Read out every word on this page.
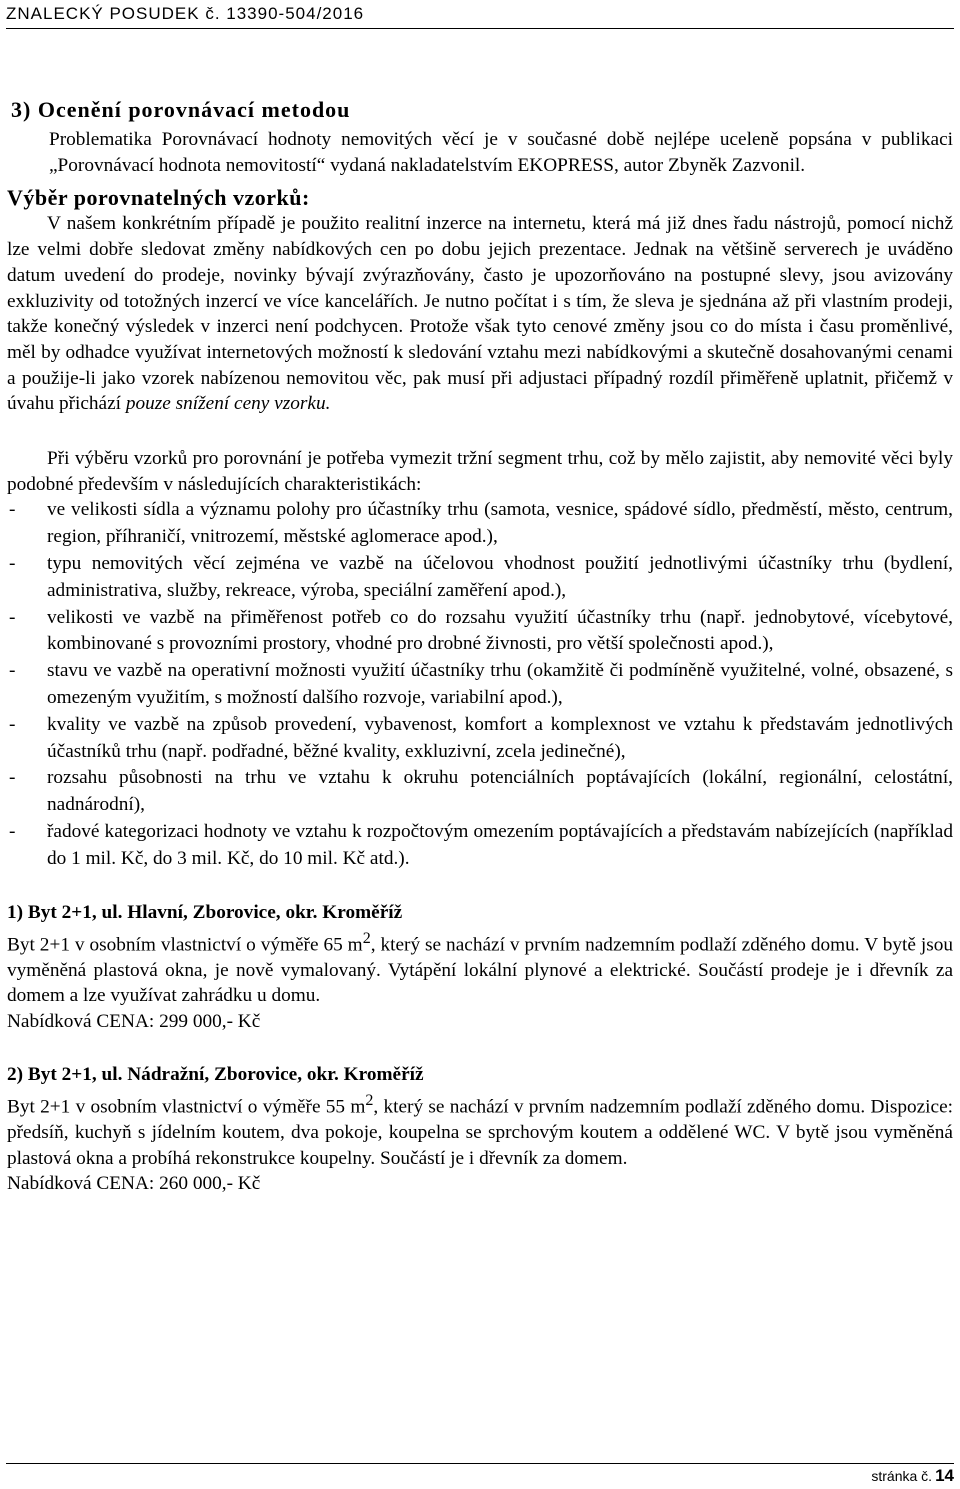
ZNALECKÝ POSUDEK č. 13390-504/2016
3) Ocenění porovnávací metodou

Problematika Porovnávací hodnoty nemovitých věcí je v současné době nejlépe uceleně popsána v publikaci „Porovnávací hodnota nemovitostí“ vydaná nakladatelstvím EKOPRESS, autor Zbyněk Zazvonil.

Výběr porovnatelných vzorků:

V našem konkrétním případě je použito realitní inzerce na internetu, která má již dnes řadu nástrojů, pomocí nichž lze velmi dobře sledovat změny nabídkových cen po dobu jejich prezentace. Jednak na většině serverech je uváděno datum uvedení do prodeje, novinky bývají zvýrazňovány, často je upozorňováno na postupné slevy, jsou avizovány exkluzivity od totožných inzercí ve více kancelářích. Je nutno počítat i s tím, že sleva je sjednána až při vlastním prodeji, takže konečný výsledek v inzerci není podchycen. Protože však tyto cenové změny jsou co do místa i času proměnlivé, měl by odhadce využívat internetových možností k sledování vztahu mezi nabídkovými a skutečně dosahovanými cenami a použije-li jako vzorek nabízenou nemovitou věc, pak musí při adjustaci případný rozdíl přiměřeně uplatnit, přičemž v úvahu přichází pouze snížení ceny vzorku.

Při výběru vzorků pro porovnání je potřeba vymezit tržní segment trhu, což by mělo zajistit, aby nemovité věci byly podobné především v následujících charakteristikách:

- ve velikosti sídla a významu polohy pro účastníky trhu (samota, vesnice, spádové sídlo, předměstí, město, centrum, region, příhraničí, vnitrozemí, městské aglomerace apod.),
- typu nemovitých věcí zejména ve vazbě na účelovou vhodnost použití jednotlivými účastníky trhu (bydlení, administrativa, služby, rekreace, výroba, speciální zaměření apod.),
- velikosti ve vazbě na přiměřenost potřeb co do rozsahu využití účastníky trhu (např. jednobytové, vícebytové, kombinované s provozními prostory, vhodné pro drobné živnosti, pro větší společnosti apod.),
- stavu ve vazbě na operativní možnosti využití účastníky trhu (okamžitě či podmíněně využitelné, volné, obsazené, s omezeným využitím, s možností dalšího rozvoje, variabilní apod.),
- kvality ve vazbě na způsob provedení, vybavenost, komfort a komplexnost ve vztahu k představám jednotlivých účastníků trhu (např. podřadné, běžné kvality, exkluzivní, zcela jedinečné),
- rozsahu působnosti na trhu ve vztahu k okruhu potenciálních poptávajících (lokální, regionální, celostátní, nadnárodní),
- řadové kategorizaci hodnoty ve vztahu k rozpočtovým omezením poptávajících a představám nabízejících (například do 1 mil. Kč, do 3 mil. Kč, do 10 mil. Kč atd.).

1) Byt 2+1, ul. Hlavní, Zborovice, okr. Kroměříž

Byt 2+1 v osobním vlastnictví o výměře 65 $m^2$, který se nachází v prvním nadzemním podlaží zděného domu. V bytě jsou vyměněná plastová okna, je nově vymalovaný. Vytápění lokální plynové a elektrické. Součástí prodeje je i dřevník za domem a lze využívat zahrádku u domu.

Nabídková CENA: 299 000,- Kč

2) Byt 2+1, ul. Nádražní, Zborovice, okr. Kroměříž

Byt 2+1 v osobním vlastnictví o výměře 55 $m^2$, který se nachází v prvním nadzemním podlaží zděného domu. Dispozice: předsíň, kuchyň s jídelním koutem, dva pokoje, koupelna se sprchovým koutem a oddělené WC. V bytě jsou vyměněná plastová okna a probíhá rekonstrukce koupelny. Součástí je i dřevník za domem.

Nabídková CENA: 260 000,- Kč

stránka č. 14
